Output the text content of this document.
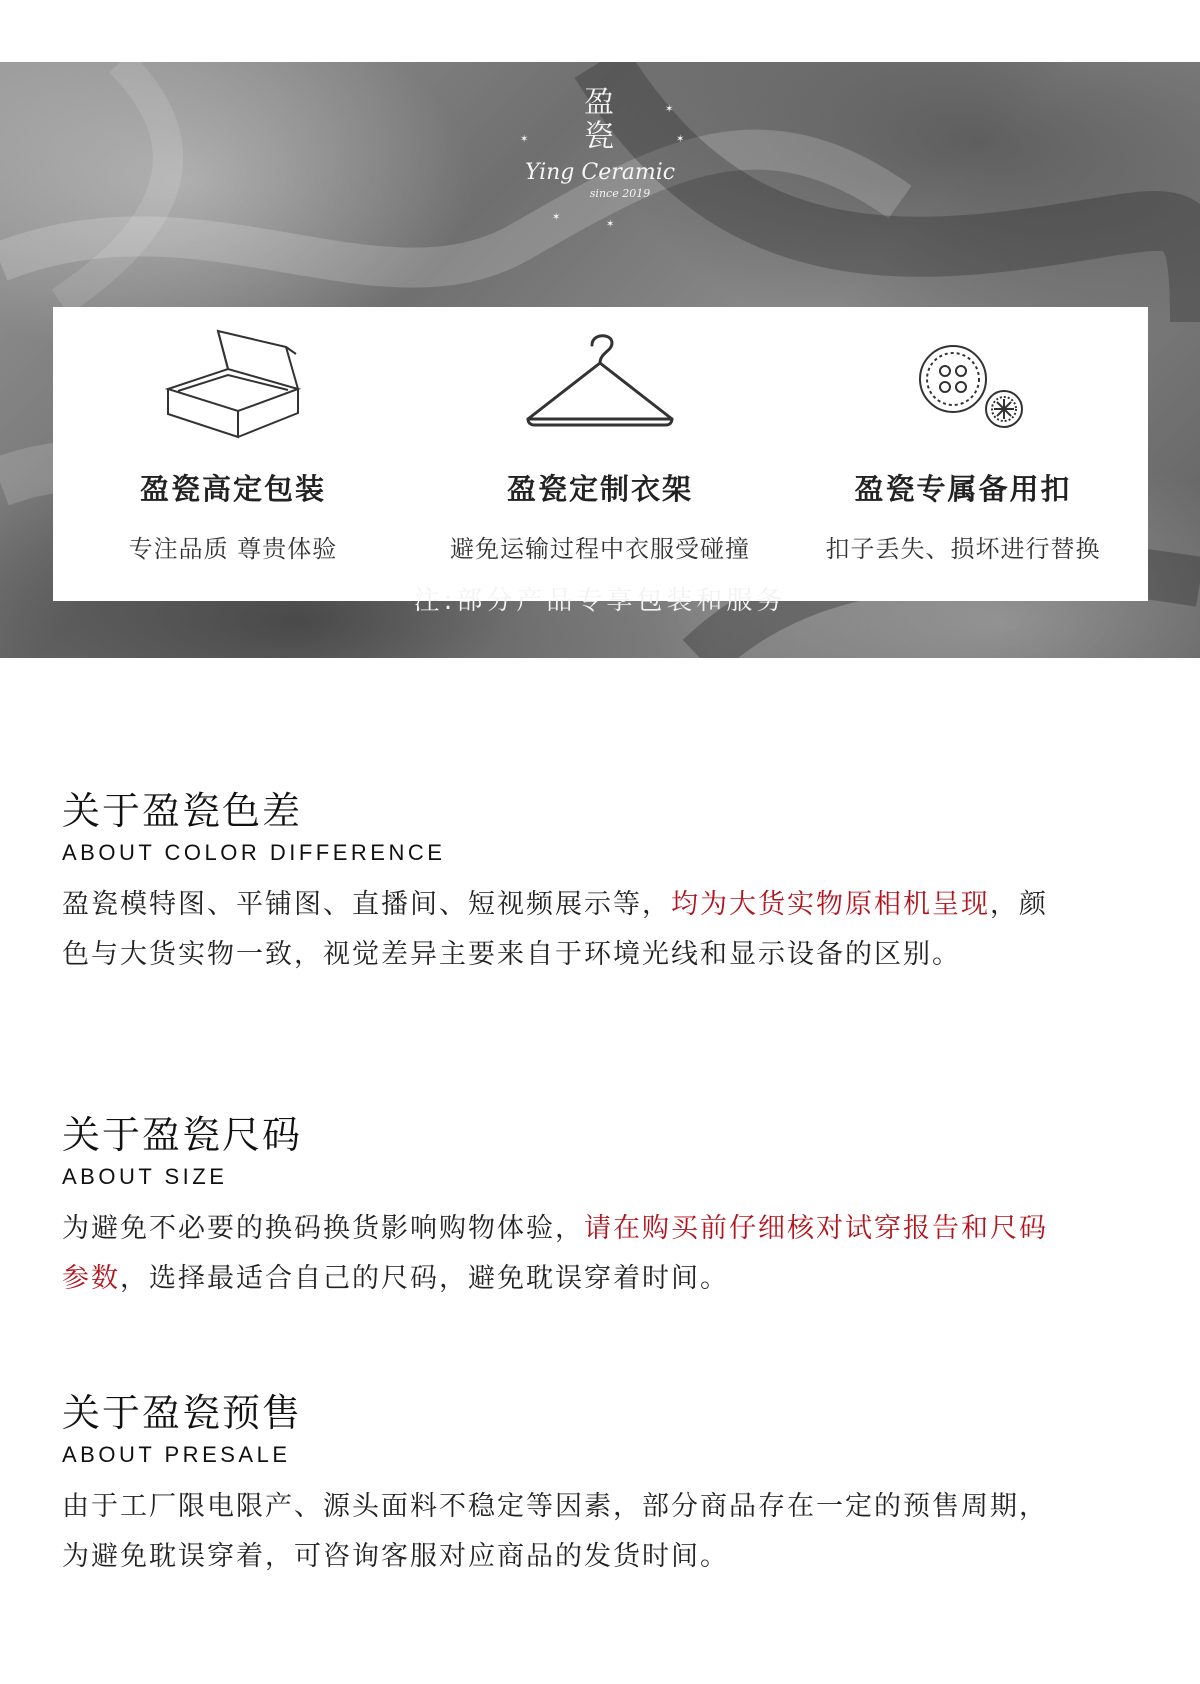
盈
瓷
Ying Ceramic
since 2019
✶
✶
✶
✶
✶
盈瓷高定包装
专注品质 尊贵体验
盈瓷定制衣架
避免运输过程中衣服受碰撞
盈瓷专属备用扣
扣子丢失、损坏进行替换
注:部分产品专享包装和服务
关于盈瓷色差
ABOUT COLOR DIFFERENCE
盈瓷模特图、平铺图、直播间、短视频展示等，均为大货实物原相机呈现，颜色与大货实物一致，视觉差异主要来自于环境光线和显示设备的区别。
关于盈瓷尺码
ABOUT SIZE
为避免不必要的换码换货影响购物体验，请在购买前仔细核对试穿报告和尺码参数，选择最适合自己的尺码，避免耽误穿着时间。
关于盈瓷预售
ABOUT PRESALE
由于工厂限电限产、源头面料不稳定等因素，部分商品存在一定的预售周期，为避免耽误穿着，可咨询客服对应商品的发货时间。
